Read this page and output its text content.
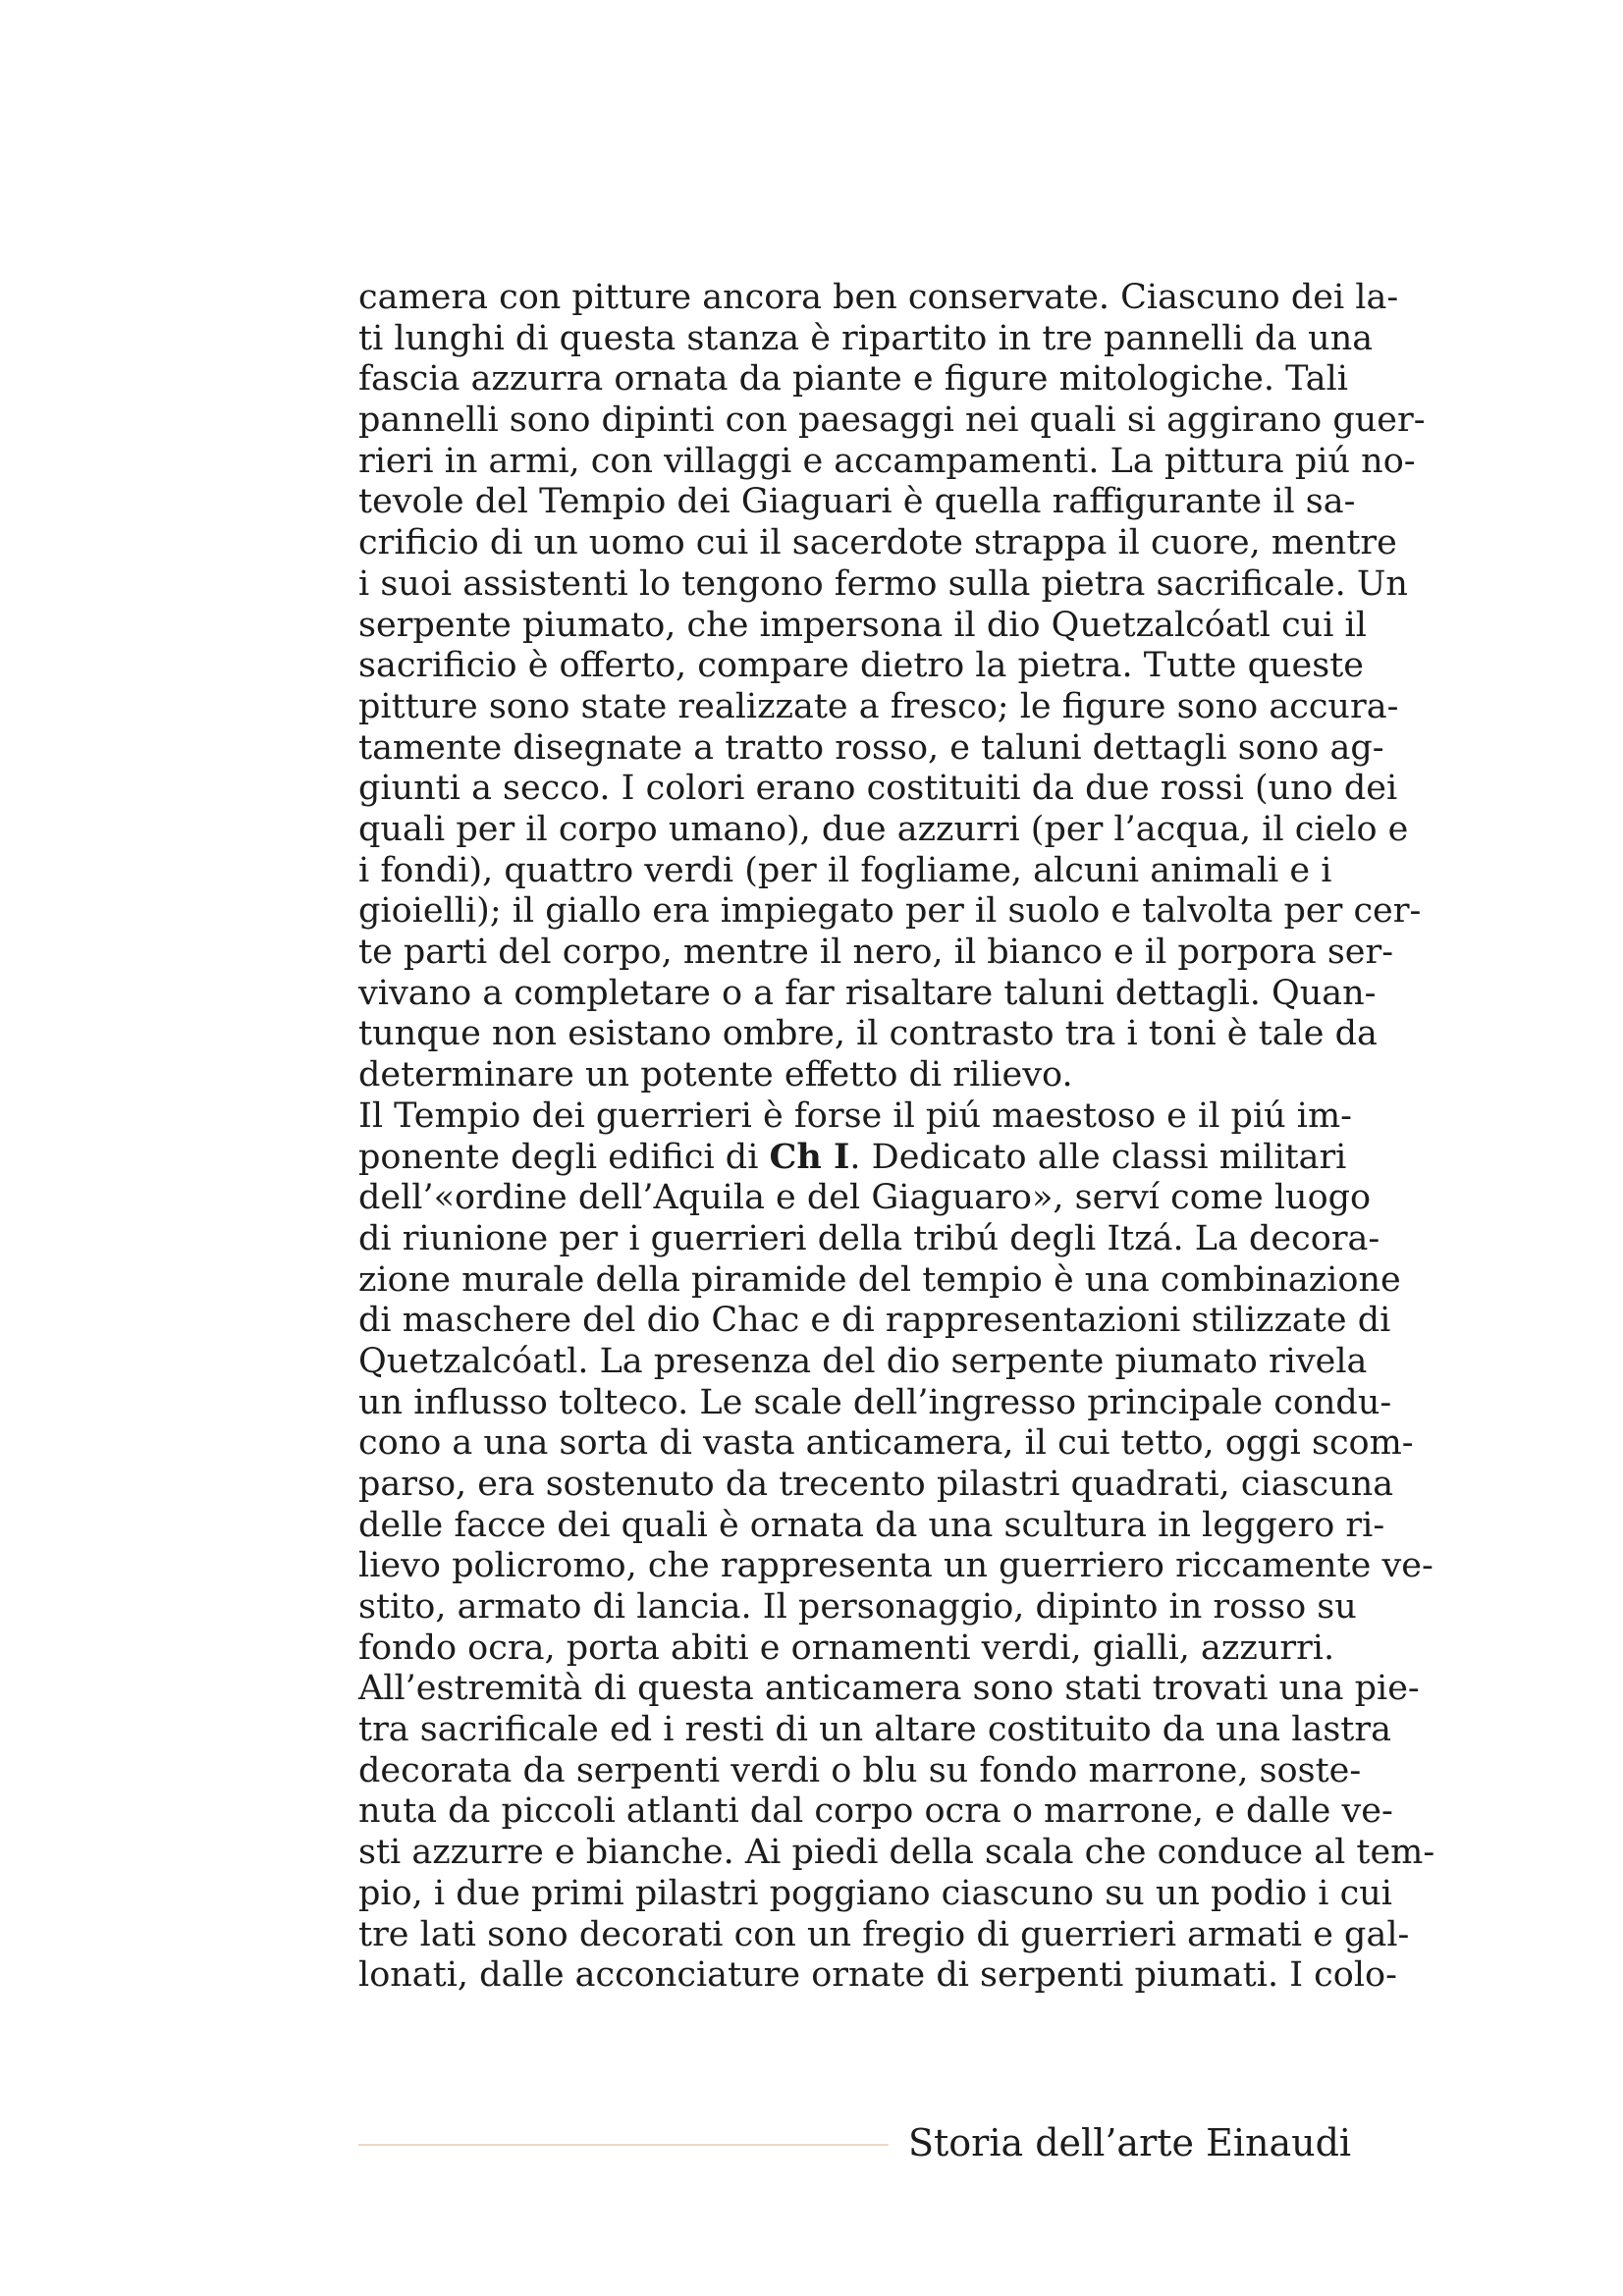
camera con pitture ancora ben conservate. Ciascuno dei la-
ti lunghi di questa stanza è ripartito in tre pannelli da una
fascia azzurra ornata da piante e figure mitologiche. Tali
pannelli sono dipinti con paesaggi nei quali si aggirano guer-
rieri in armi, con villaggi e accampamenti. La pittura piú no-
tevole del Tempio dei Giaguari è quella raffigurante il sa-
crificio di un uomo cui il sacerdote strappa il cuore, mentre
i suoi assistenti lo tengono fermo sulla pietra sacrificale. Un
serpente piumato, che impersona il dio Quetzalcóatl cui il
sacrificio è offerto, compare dietro la pietra. Tutte queste
pitture sono state realizzate a fresco; le figure sono accura-
tamente disegnate a tratto rosso, e taluni dettagli sono ag-
giunti a secco. I colori erano costituiti da due rossi (uno dei
quali per il corpo umano), due azzurri (per l’acqua, il cielo e
i fondi), quattro verdi (per il fogliame, alcuni animali e i
gioielli); il giallo era impiegato per il suolo e talvolta per cer-
te parti del corpo, mentre il nero, il bianco e il porpora ser-
vivano a completare o a far risaltare taluni dettagli. Quan-
tunque non esistano ombre, il contrasto tra i toni è tale da
determinare un potente effetto di rilievo.
Il Tempio dei guerrieri è forse il piú maestoso e il piú im-
ponente degli edifici di Ch I. Dedicato alle classi militari
dell’«ordine dell’Aquila e del Giaguaro», serví come luogo
di riunione per i guerrieri della tribú degli Itzá. La decora-
zione murale della piramide del tempio è una combinazione
di maschere del dio Chac e di rappresentazioni stilizzate di
Quetzalcóatl. La presenza del dio serpente piumato rivela
un influsso tolteco. Le scale dell’ingresso principale condu-
cono a una sorta di vasta anticamera, il cui tetto, oggi scom-
parso, era sostenuto da trecento pilastri quadrati, ciascuna
delle facce dei quali è ornata da una scultura in leggero ri-
lievo policromo, che rappresenta un guerriero riccamente ve-
stito, armato di lancia. Il personaggio, dipinto in rosso su
fondo ocra, porta abiti e ornamenti verdi, gialli, azzurri.
All’estremità di questa anticamera sono stati trovati una pie-
tra sacrificale ed i resti di un altare costituito da una lastra
decorata da serpenti verdi o blu su fondo marrone, soste-
nuta da piccoli atlanti dal corpo ocra o marrone, e dalle ve-
sti azzurre e bianche. Ai piedi della scala che conduce al tem-
pio, i due primi pilastri poggiano ciascuno su un podio i cui
tre lati sono decorati con un fregio di guerrieri armati e gal-
lonati, dalle acconciature ornate di serpenti piumati. I colo-
Storia dell’arte Einaudi
